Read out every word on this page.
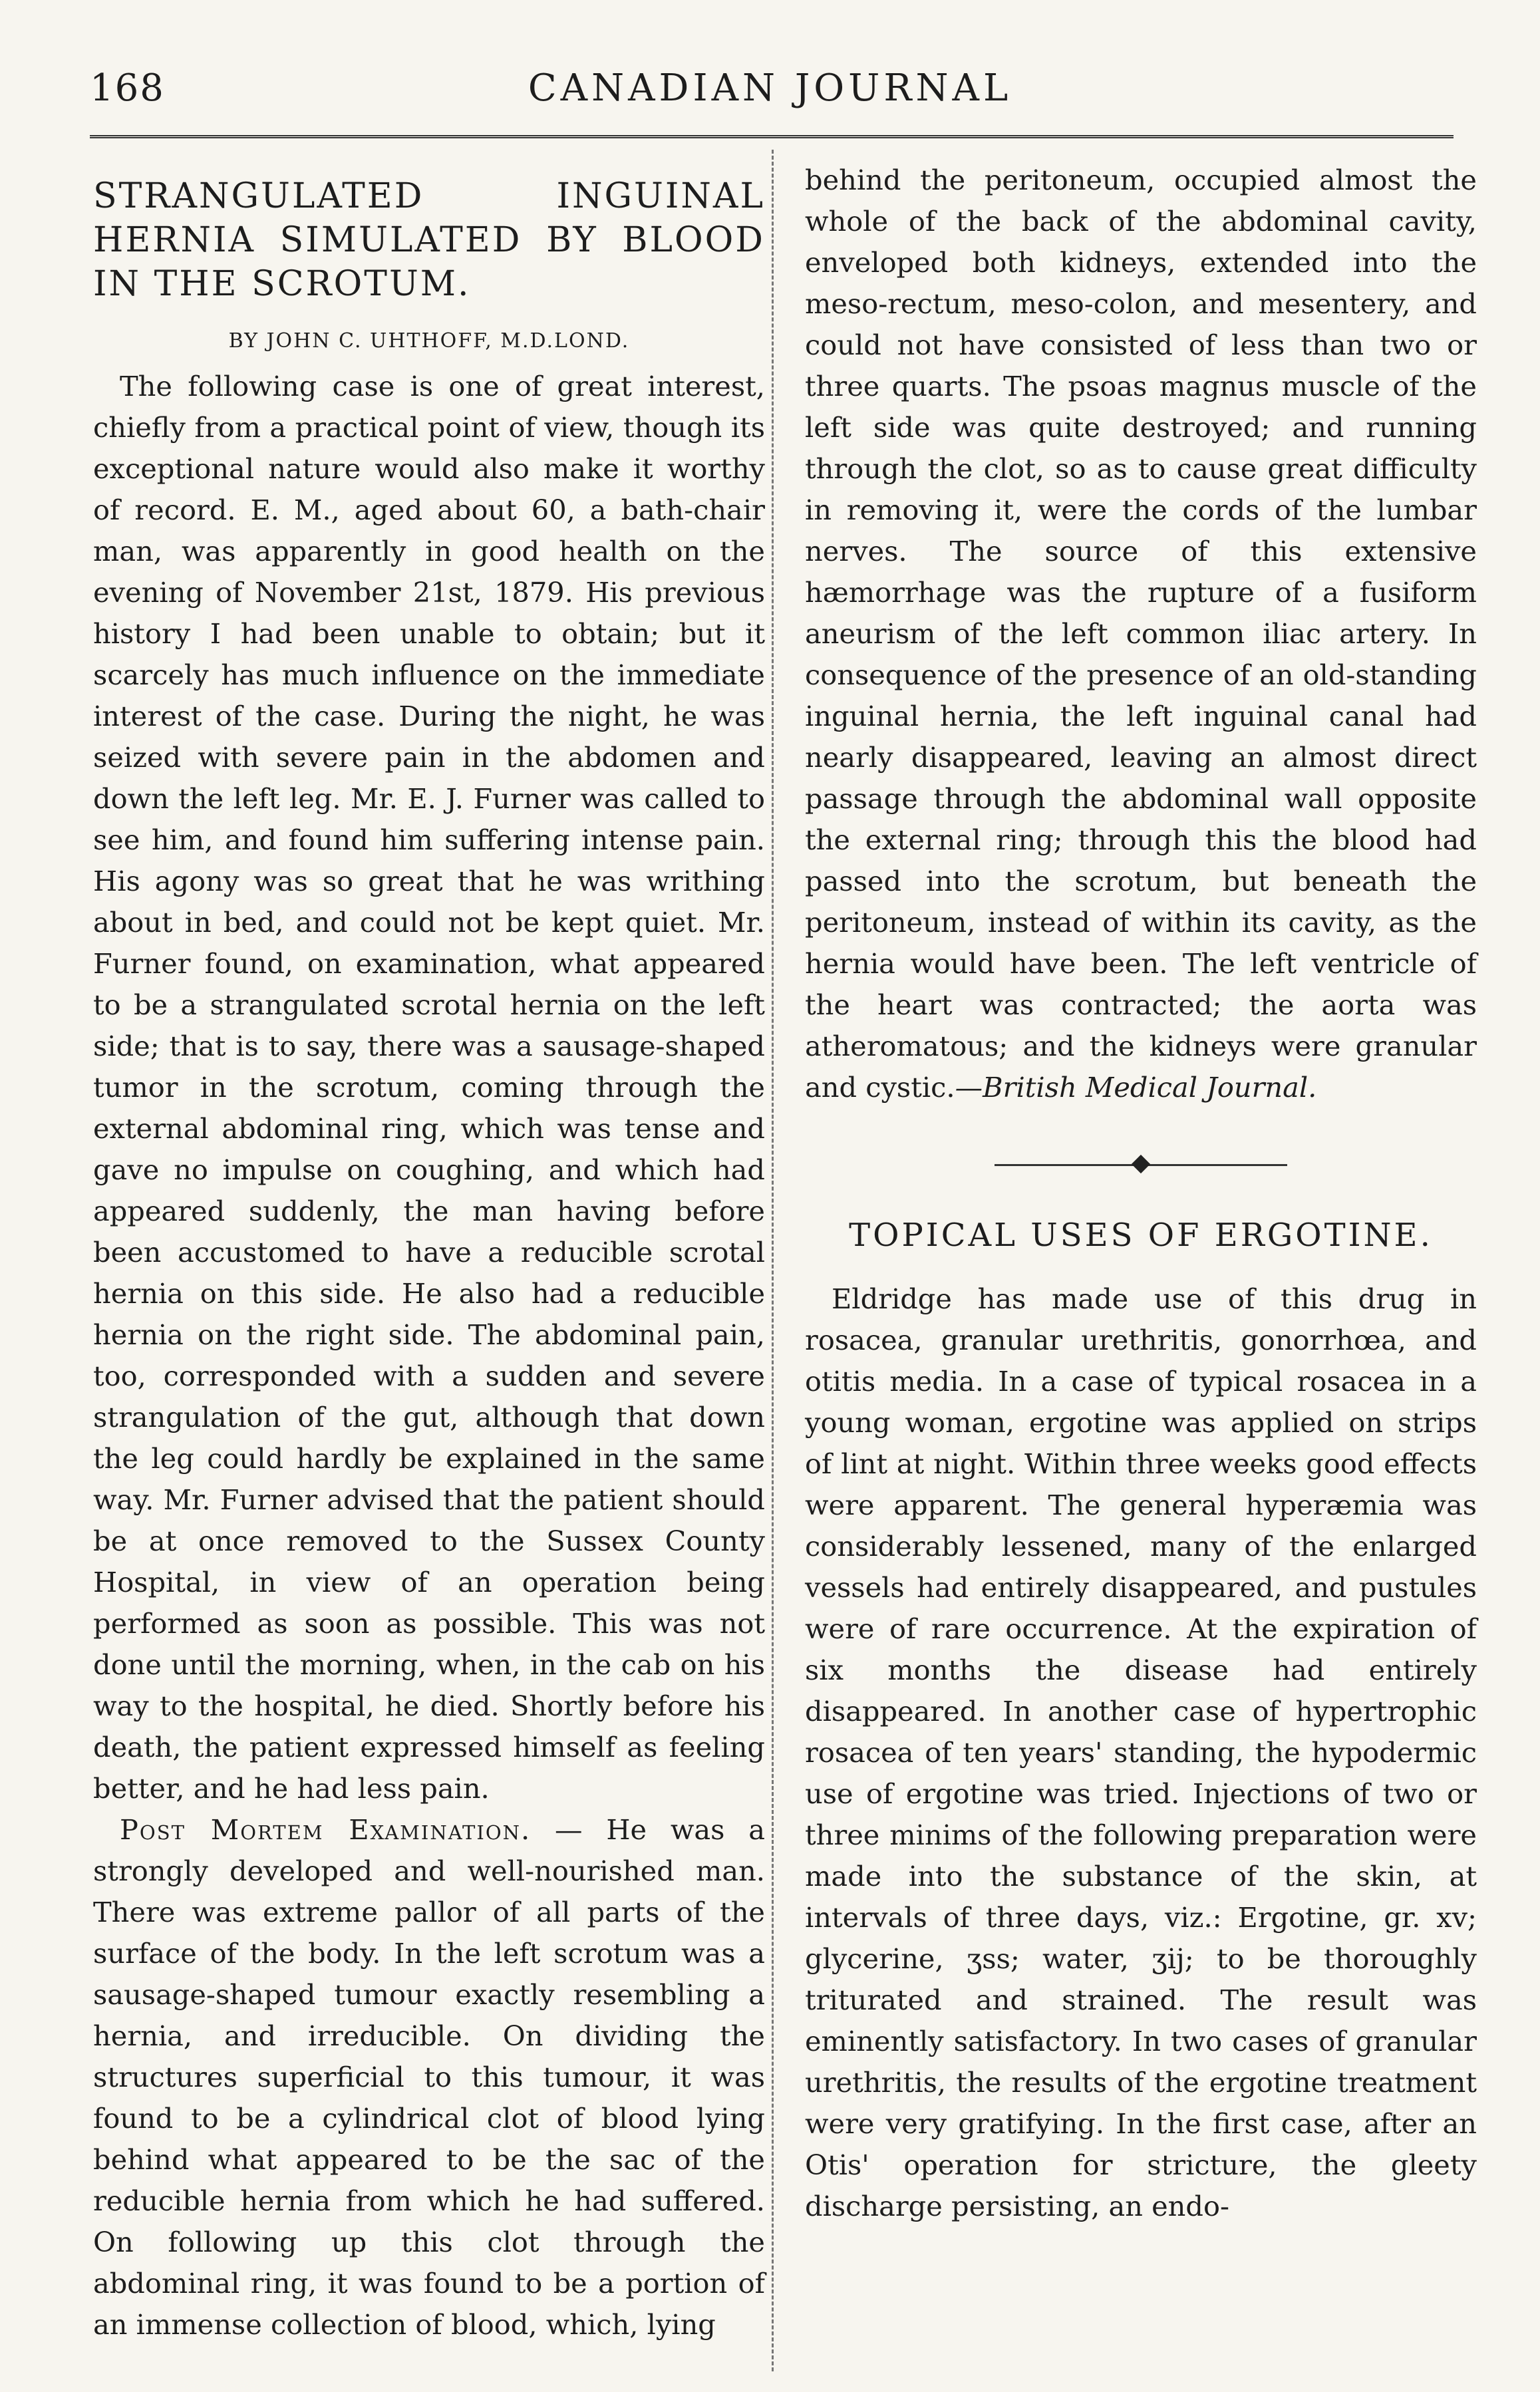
168	CANADIAN JOURNAL
STRANGULATED INGUINAL HERNIA SIMULATED BY BLOOD IN THE SCROTUM.
BY JOHN C. UHTHOFF, M.D.LOND.

The following case is one of great interest, chiefly from a practical point of view, though its exceptional nature would also make it worthy of record. E. M., aged about 60, a bath-chair man, was apparently in good health on the evening of November 21st, 1879. His previous history I had been unable to obtain; but it scarcely has much influence on the immediate interest of the case. During the night, he was seized with severe pain in the abdomen and down the left leg. Mr. E. J. Furner was called to see him, and found him suffering intense pain. His agony was so great that he was writhing about in bed, and could not be kept quiet. Mr. Furner found, on examination, what appeared to be a strangulated scrotal hernia on the left side; that is to say, there was a sausage-shaped tumor in the scrotum, coming through the external abdominal ring, which was tense and gave no impulse on coughing, and which had appeared suddenly, the man having before been accustomed to have a reducible scrotal hernia on this side. He also had a reducible hernia on the right side. The abdominal pain, too, corresponded with a sudden and severe strangulation of the gut, although that down the leg could hardly be explained in the same way. Mr. Furner advised that the patient should be at once removed to the Sussex County Hospital, in view of an operation being performed as soon as possible. This was not done until the morning, when, in the cab on his way to the hospital, he died. Shortly before his death, the patient expressed himself as feeling better, and he had less pain.

Post Mortem Examination. — He was a strongly developed and well-nourished man. There was extreme pallor of all parts of the surface of the body. In the left scrotum was a sausage-shaped tumour exactly resembling a hernia, and irreducible. On dividing the structures superficial to this tumour, it was found to be a cylindrical clot of blood lying behind what appeared to be the sac of the reducible hernia from which he had suffered. On following up this clot through the abdominal ring, it was found to be a portion of an immense collection of blood, which, lying

behind the peritoneum, occupied almost the whole of the back of the abdominal cavity, enveloped both kidneys, extended into the meso-rectum, meso-colon, and mesentery, and could not have consisted of less than two or three quarts. The psoas magnus muscle of the left side was quite destroyed; and running through the clot, so as to cause great difficulty in removing it, were the cords of the lumbar nerves. The source of this extensive hæmorrhage was the rupture of a fusiform aneurism of the left common iliac artery. In consequence of the presence of an old-standing inguinal hernia, the left inguinal canal had nearly disappeared, leaving an almost direct passage through the abdominal wall opposite the external ring; through this the blood had passed into the scrotum, but beneath the peritoneum, instead of within its cavity, as the hernia would have been. The left ventricle of the heart was contracted; the aorta was atheromatous; and the kidneys were granular and cystic.—British Medical Journal.

TOPICAL USES OF ERGOTINE.

Eldridge has made use of this drug in rosacea, granular urethritis, gonorrhœa, and otitis media. In a case of typical rosacea in a young woman, ergotine was applied on strips of lint at night. Within three weeks good effects were apparent. The general hyperæmia was considerably lessened, many of the enlarged vessels had entirely disappeared, and pustules were of rare occurrence. At the expiration of six months the disease had entirely disappeared. In another case of hypertrophic rosacea of ten years' standing, the hypodermic use of ergotine was tried. Injections of two or three minims of the following preparation were made into the substance of the skin, at intervals of three days, viz.: Ergotine, gr. xv; glycerine, ʒss; water, ʒij; to be thoroughly triturated and strained. The result was eminently satisfactory. In two cases of granular urethritis, the results of the ergotine treatment were very gratifying. In the first case, after an Otis' operation for stricture, the gleety discharge persisting, an endo-
